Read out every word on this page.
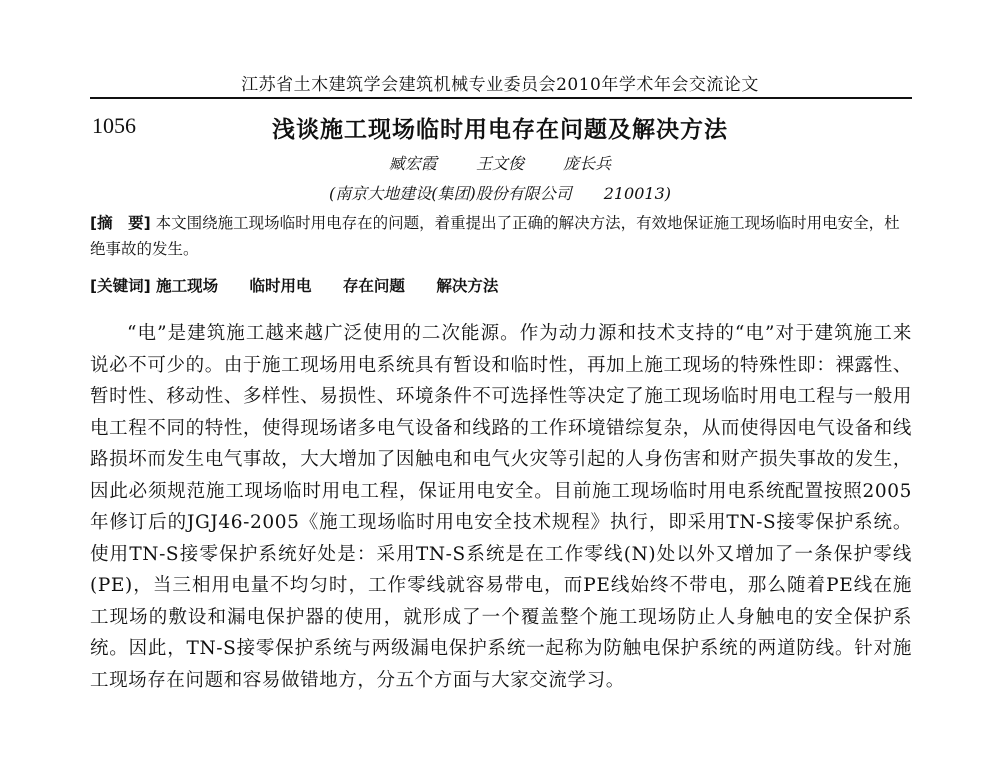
江苏省土木建筑学会建筑机械专业委员会2010年学术年会交流论文
1056	浅谈施工现场临时用电存在问题及解决方法
臧宏霞 王文俊 庞长兵
(南京大地建设(集团)股份有限公司　　210013)
[摘　要] 本文围绕施工现场临时用电存在的问题，着重提出了正确的解决方法，有效地保证施工现场临时用电安全，杜绝事故的发生。
[关键词] 施工现场 临时用电 存在问题 解决方法
“电”是建筑施工越来越广泛使用的二次能源。作为动力源和技术支持的“电”对于建筑施工来说必不可少的。由于施工现场用电系统具有暂设和临时性，再加上施工现场的特殊性即：裸露性、暂时性、移动性、多样性、易损性、环境条件不可选择性等决定了施工现场临时用电工程与一般用电工程不同的特性，使得现场诸多电气设备和线路的工作环境错综复杂，从而使得因电气设备和线路损坏而发生电气事故，大大增加了因触电和电气火灾等引起的人身伤害和财产损失事故的发生，因此必须规范施工现场临时用电工程，保证用电安全。目前施工现场临时用电系统配置按照2005年修订后的JGJ46-2005《施工现场临时用电安全技术规程》执行，即采用TN-S接零保护系统。使用TN-S接零保护系统好处是：采用TN-S系统是在工作零线(N)处以外又增加了一条保护零线(PE)，当三相用电量不均匀时，工作零线就容易带电，而PE线始终不带电，那么随着PE线在施工现场的敷设和漏电保护器的使用，就形成了一个覆盖整个施工现场防止人身触电的安全保护系统。因此，TN-S接零保护系统与两级漏电保护系统一起称为防触电保护系统的两道防线。针对施工现场存在问题和容易做错地方，分五个方面与大家交流学习。
